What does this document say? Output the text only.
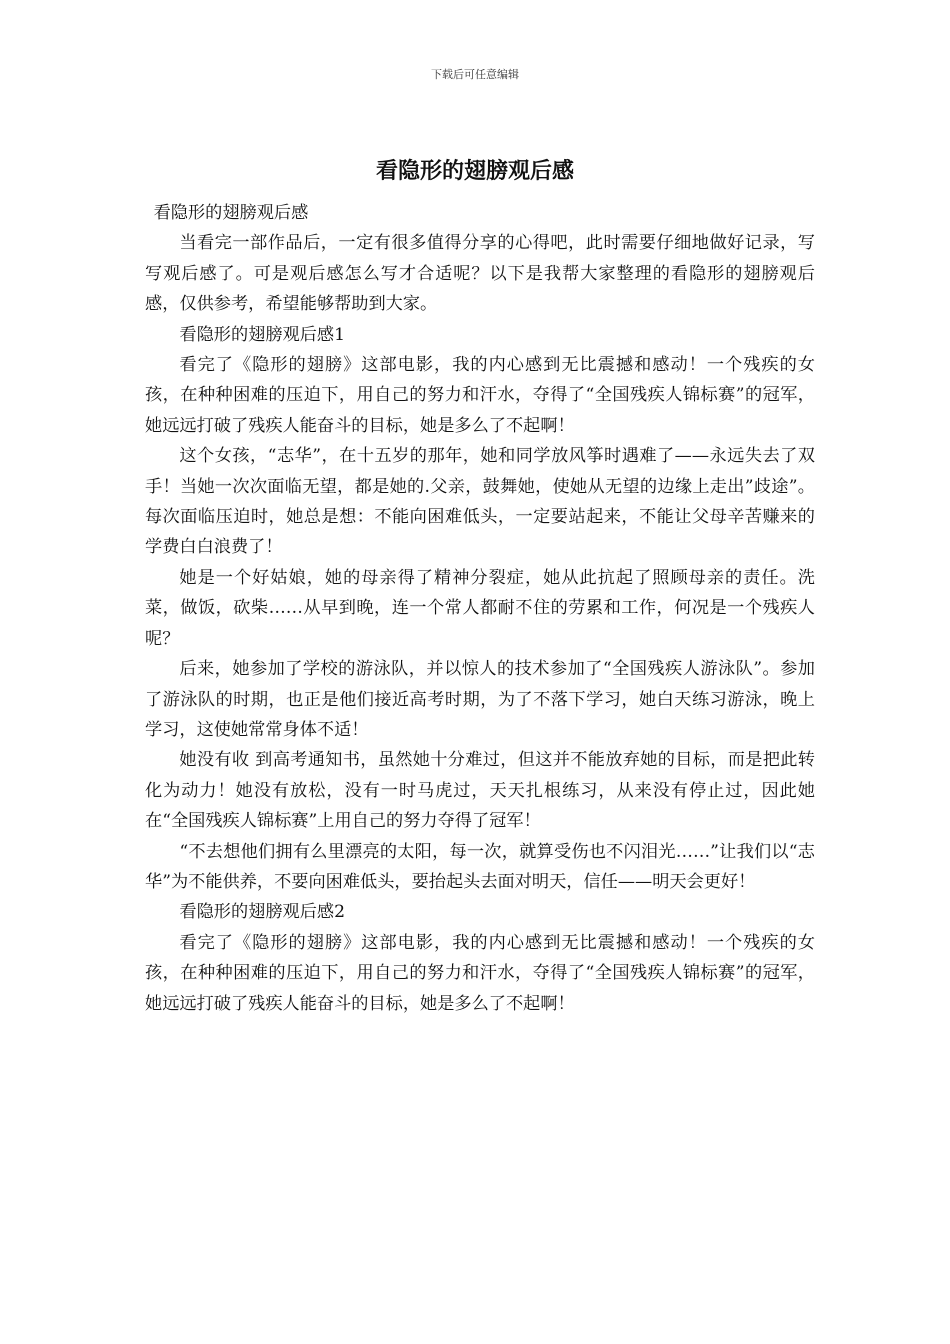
下载后可任意编辑
看隐形的翅膀观后感

看隐形的翅膀观后感

当看完一部作品后，一定有很多值得分享的心得吧，此时需要仔细地做好记录，写写观后感了。可是观后感怎么写才合适呢？以下是我帮大家整理的看隐形的翅膀观后感，仅供参考，希望能够帮助到大家。

看隐形的翅膀观后感1

看完了《隐形的翅膀》这部电影，我的内心感到无比震撼和感动！一个残疾的女孩，在种种困难的压迫下，用自己的努力和汗水，夺得了“全国残疾人锦标赛”的冠军，她远远打破了残疾人能奋斗的目标，她是多么了不起啊！

这个女孩，“志华”，在十五岁的那年，她和同学放风筝时遇难了——永远失去了双手！当她一次次面临无望，都是她的.父亲，鼓舞她，使她从无望的边缘上走出”歧途”。每次面临压迫时，她总是想：不能向困难低头，一定要站起来，不能让父母辛苦赚来的学费白白浪费了！

她是一个好姑娘，她的母亲得了精神分裂症，她从此抗起了照顾母亲的责任。洗菜，做饭，砍柴……从早到晚，连一个常人都耐不住的劳累和工作，何况是一个残疾人呢？

后来，她参加了学校的游泳队，并以惊人的技术参加了“全国残疾人游泳队”。参加了游泳队的时期，也正是他们接近高考时期，为了不落下学习，她白天练习游泳，晚上学习，这使她常常身体不适！

她没有收 到高考通知书，虽然她十分难过，但这并不能放弃她的目标，而是把此转化为动力！她没有放松，没有一时马虎过，天天扎根练习，从来没有停止过，因此她在“全国残疾人锦标赛”上用自己的努力夺得了冠军！

“不去想他们拥有么里漂亮的太阳，每一次，就算受伤也不闪泪光……”让我们以“志华”为不能供养，不要向困难低头，要抬起头去面对明天，信任——明天会更好！

看隐形的翅膀观后感2

看完了《隐形的翅膀》这部电影，我的内心感到无比震撼和感动！一个残疾的女孩，在种种困难的压迫下，用自己的努力和汗水，夺得了“全国残疾人锦标赛”的冠军，她远远打破了残疾人能奋斗的目标，她是多么了不起啊！
